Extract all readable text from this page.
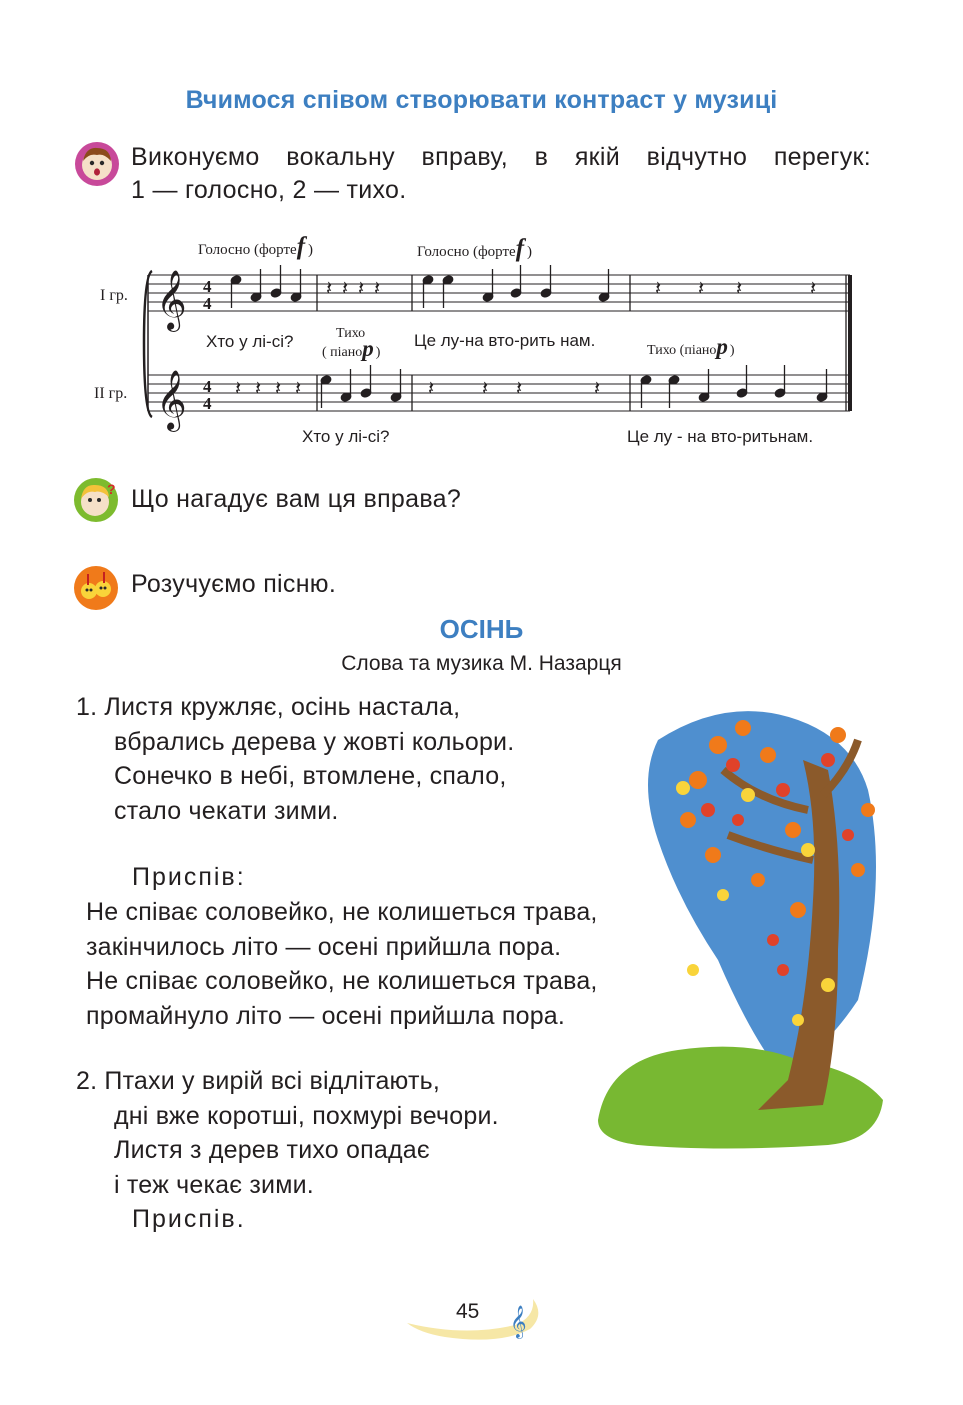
Вчимося співом створювати контраст у музиці
Виконуємо вокальну вправу, в якій відчутно перегук:
1 — голосно, 2 — тихо.
𝄞
𝄞
4
4
4
4
𝄽 𝄽 𝄽 𝄽	𝄽 𝄽 𝄽	𝄽
𝄽 𝄽 𝄽 𝄽	𝄽 𝄽 𝄽	𝄽
І гр.
ІІ гр.
Голосно (фортеf )	Голосно (фортеf )
Тихо
( піаноp )	Тихо (піаноp )
Хто у лі-сі?	Це лу-на вто-рить нам.
Хто у лі-сі?	Це лу - на вто-ритьнам.
? Що нагадує вам ця вправа?
Розучуємо пісню.
ОСІНЬ
Слова та музика М. Назарця
1. Листя кружляє, осінь настала,
вбрались дерева у жовті кольори.
Сонечко в небі, втомлене, спало,
стало чекати зими.
Приспів:
Не співає соловейко, не колишеться трава,
закінчилось літо — осені прийшла пора.
Не співає соловейко, не колишеться трава,
промайнуло літо — осені прийшла пора.
2. Птахи у вирій всі відлітають,
дні вже коротші, похмурі вечори.
Листя з дерев тихо опадає
і теж чекає зими.
Приспів.
𝄞
45
